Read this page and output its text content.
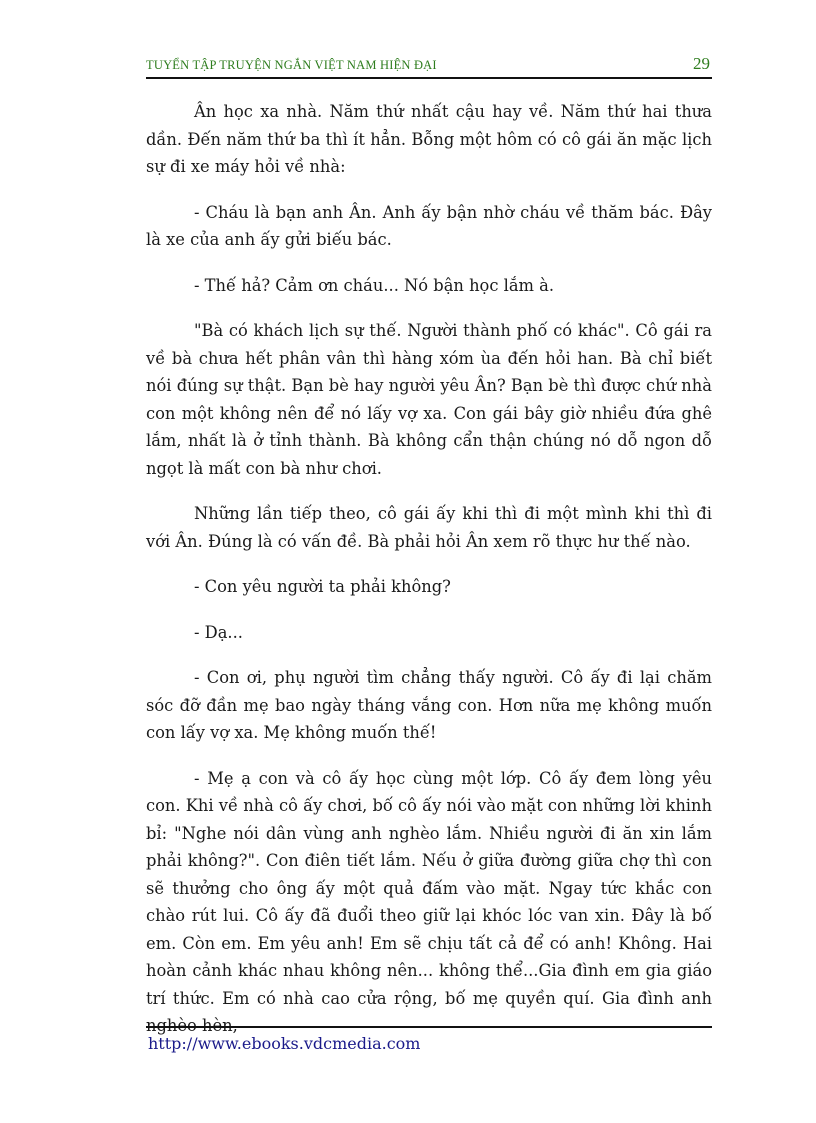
TUYỂN TẬP TRUYỆN NGẮN VIỆT NAM HIỆN ĐẠI	29

Ân học xa nhà. Năm thứ nhất cậu hay về. Năm thứ hai thưa dần. Đến năm thứ ba thì ít hẳn. Bỗng một hôm có cô gái ăn mặc lịch sự đi xe máy hỏi về nhà:

- Cháu là bạn anh Ân. Anh ấy bận nhờ cháu về thăm bác. Đây là xe của anh ấy gửi biếu bác.

- Thế hả? Cảm ơn cháu... Nó bận học lắm à.

"Bà có khách lịch sự thế. Người thành phố có khác". Cô gái ra về bà chưa hết phân vân thì hàng xóm ùa đến hỏi han. Bà chỉ biết nói đúng sự thật. Bạn bè hay người yêu Ân? Bạn bè thì được chứ nhà con một không nên để nó lấy vợ xa. Con gái bây giờ nhiều đứa ghê lắm, nhất là ở tỉnh thành. Bà không cẩn thận chúng nó dỗ ngon dỗ ngọt là mất con bà như chơi.

Những lần tiếp theo, cô gái ấy khi thì đi một mình khi thì đi với Ân. Đúng là có vấn đề. Bà phải hỏi Ân xem rõ thực hư thế nào.

- Con yêu người ta phải không?

- Dạ...

- Con ơi, phụ người tìm chẳng thấy người. Cô ấy đi lại chăm sóc đỡ đần mẹ bao ngày tháng vắng con. Hơn nữa mẹ không muốn con lấy vợ xa. Mẹ không muốn thế!

- Mẹ ạ con và cô ấy học cùng một lớp. Cô ấy đem lòng yêu con. Khi về nhà cô ấy chơi, bố cô ấy nói vào mặt con những lời khinh bỉ: "Nghe nói dân vùng anh nghèo lắm. Nhiều người đi ăn xin lắm phải không?". Con điên tiết lắm. Nếu ở giữa đường giữa chợ thì con sẽ thưởng cho ông ấy một quả đấm vào mặt. Ngay tức khắc con chào rút lui. Cô ấy đã đuổi theo giữ lại khóc lóc van xin. Đây là bố em. Còn em. Em yêu anh! Em sẽ chịu tất cả để có anh! Không. Hai hoàn cảnh khác nhau không nên... không thể...Gia đình em gia giáo trí thức. Em có nhà cao cửa rộng, bố mẹ quyền quí. Gia đình anh

http://www.ebooks.vdcmedia.com
